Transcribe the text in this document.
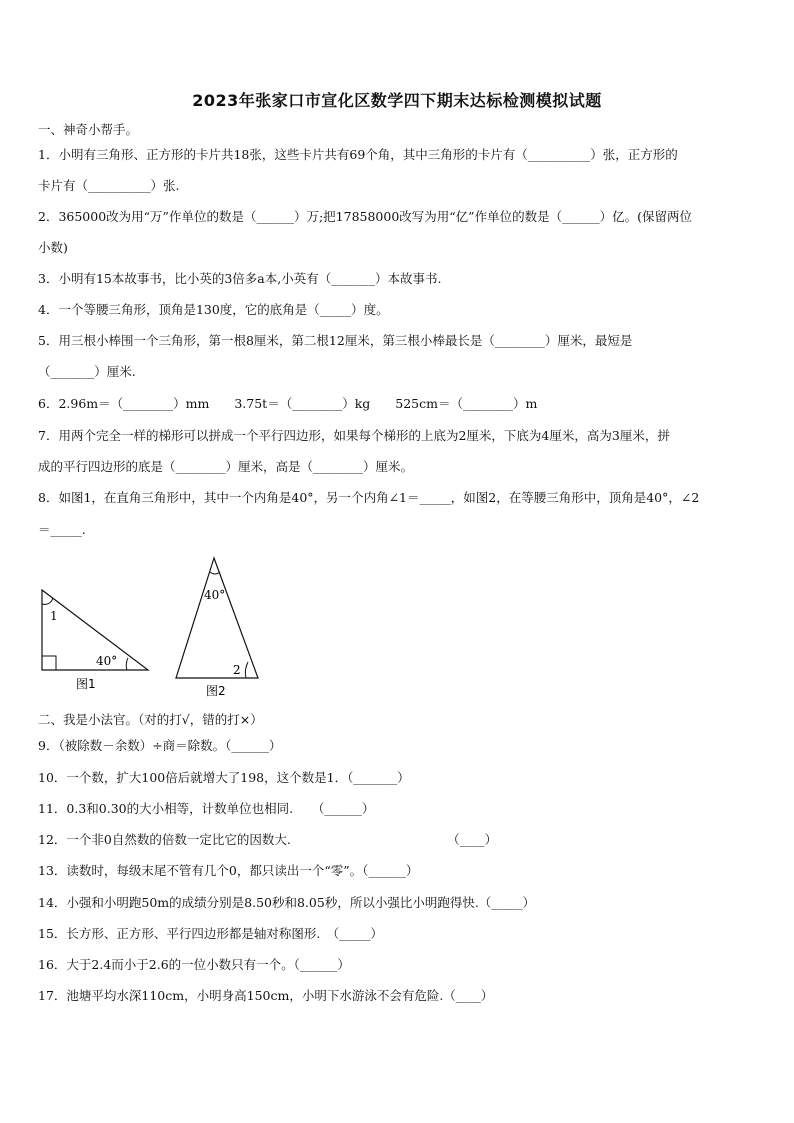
2023年张家口市宣化区数学四下期末达标检测模拟试题
一、神奇小帮手。
1．小明有三角形、正方形的卡片共18张，这些卡片共有69个角，其中三角形的卡片有（__________）张，正方形的
卡片有（__________）张.
2．365000改为用“万”作单位的数是（______）万;把17858000改写为用“亿”作单位的数是（______）亿。(保留两位
小数)
3．小明有15本故事书，比小英的3倍多a本,小英有（_______）本故事书.
4．一个等腰三角形，顶角是130度，它的底角是（_____）度。
5．用三根小棒围一个三角形，第一根8厘米，第二根12厘米，第三根小棒最长是（________）厘米，最短是
（_______）厘米.
6．2.96m＝（________）mm　　3.75t＝（________）kg　　525cm＝（________）m
7．用两个完全一样的梯形可以拼成一个平行四边形，如果每个梯形的上底为2厘米，下底为4厘米，高为3厘米，拼
成的平行四边形的底是（________）厘米，高是（________）厘米。
8．如图1，在直角三角形中，其中一个内角是40°，另一个内角∠1＝_____，如图2，在等腰三角形中，顶角是40°，∠2
＝_____.
1
40°
图1
40°
2
图2
二、我是小法官。（对的打√，错的打×）
9．（被除数－余数）÷商＝除数。（______）
10．一个数，扩大100倍后就增大了198，这个数是1．（_______）
11．0.3和0.30的大小相等，计数单位也相同.　　（______）
12．一个非0自然数的倍数一定比它的因数大.　　　　　　　　　　　　　（____）
13．读数时，每级末尾不管有几个0，都只读出一个“零”。（______）
14．小强和小明跑50m的成绩分别是8.50秒和8.05秒，所以小强比小明跑得快.（_____）
15．长方形、正方形、平行四边形都是轴对称图形.　（_____）
16．大于2.4而小于2.6的一位小数只有一个。（______）
17．池塘平均水深110cm，小明身高150cm，小明下水游泳不会有危险.（____）
